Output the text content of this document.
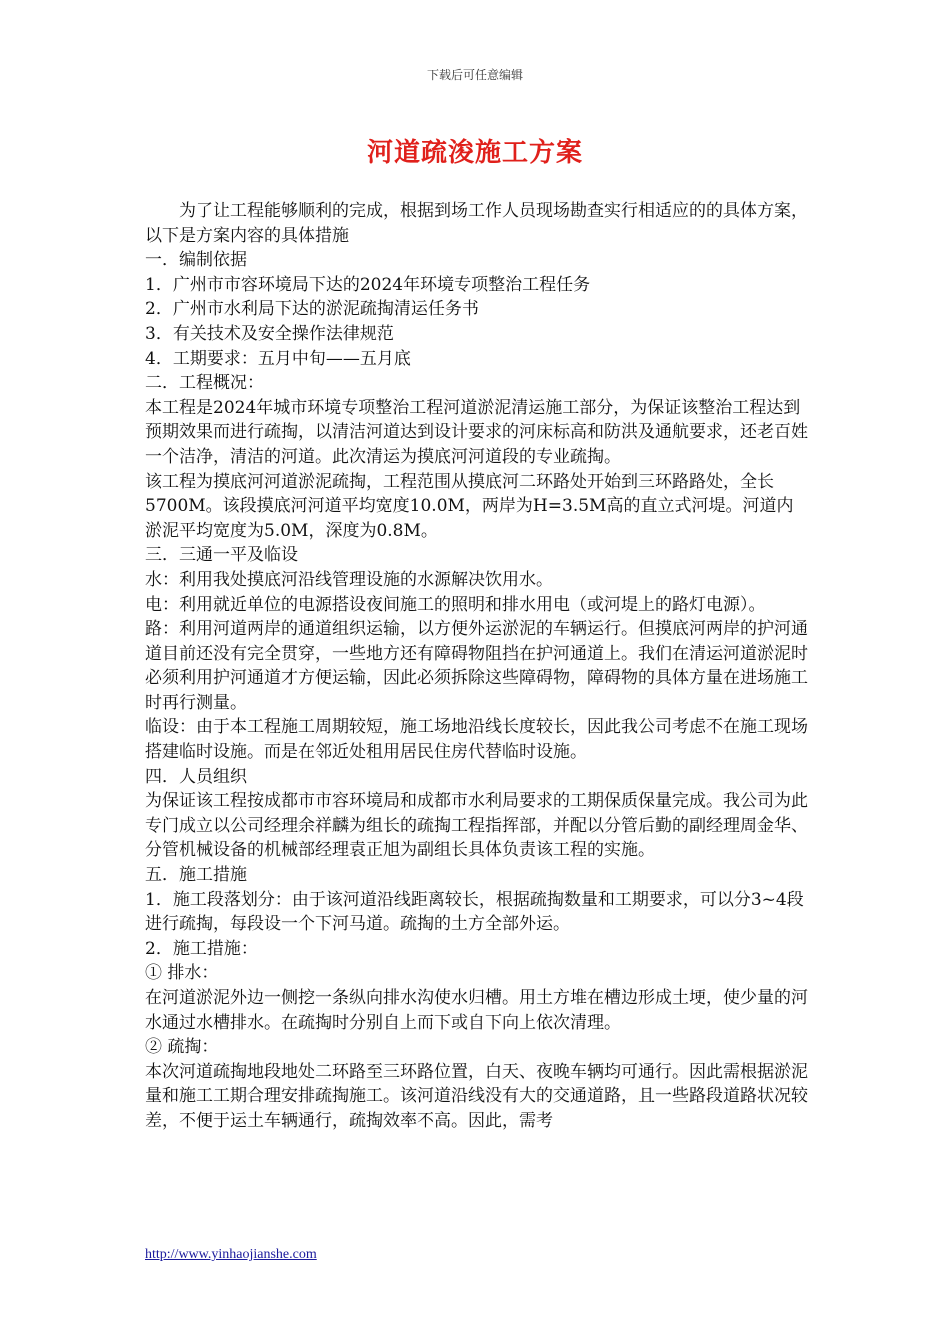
下载后可任意编辑
河道疏浚施工方案

为了让工程能够顺利的完成，根据到场工作人员现场勘查实行相适应的的具体方案，以下是方案内容的具体措施

一．编制依据

1．广州市市容环境局下达的2024年环境专项整治工程任务

2．广州市水利局下达的淤泥疏掏清运任务书

3．有关技术及安全操作法律规范

4．工期要求：五月中旬——五月底

二．工程概况：

本工程是2024年城市环境专项整治工程河道淤泥清运施工部分，为保证该整治工程达到预期效果而进行疏掏，以清洁河道达到设计要求的河床标高和防洪及通航要求，还老百姓一个洁净，清洁的河道。此次清运为摸底河河道段的专业疏掏。

该工程为摸底河河道淤泥疏掏，工程范围从摸底河二环路处开始到三环路路处，全长5700M。该段摸底河河道平均宽度10.0M，两岸为H=3.5M高的直立式河堤。河道内淤泥平均宽度为5.0M，深度为0.8M。

三．三通一平及临设

水：利用我处摸底河沿线管理设施的水源解决饮用水。

电：利用就近单位的电源搭设夜间施工的照明和排水用电（或河堤上的路灯电源）。

路：利用河道两岸的通道组织运输，以方便外运淤泥的车辆运行。但摸底河两岸的护河通道目前还没有完全贯穿，一些地方还有障碍物阻挡在护河通道上。我们在清运河道淤泥时必须利用护河通道才方便运输，因此必须拆除这些障碍物，障碍物的具体方量在进场施工时再行测量。

临设：由于本工程施工周期较短，施工场地沿线长度较长，因此我公司考虑不在施工现场搭建临时设施。而是在邻近处租用居民住房代替临时设施。

四．人员组织

为保证该工程按成都市市容环境局和成都市水利局要求的工期保质保量完成。我公司为此专门成立以公司经理余祥麟为组长的疏掏工程指挥部，并配以分管后勤的副经理周金华、分管机械设备的机械部经理袁正旭为副组长具体负责该工程的实施。

五．施工措施

1．施工段落划分：由于该河道沿线距离较长，根据疏掏数量和工期要求，可以分3~4段进行疏掏，每段设一个下河马道。疏掏的土方全部外运。

2．施工措施：

① 排水：

在河道淤泥外边一侧挖一条纵向排水沟使水归槽。用土方堆在槽边形成土埂，使少量的河水通过水槽排水。在疏掏时分别自上而下或自下向上依次清理。

② 疏掏：

本次河道疏掏地段地处二环路至三环路位置，白天、夜晚车辆均可通行。因此需根据淤泥量和施工工期合理安排疏掏施工。该河道沿线没有大的交通道路，且一些路段道路状况较差，不便于运土车辆通行，疏掏效率不高。因此，需考

http://www.yinhaojianshe.com
